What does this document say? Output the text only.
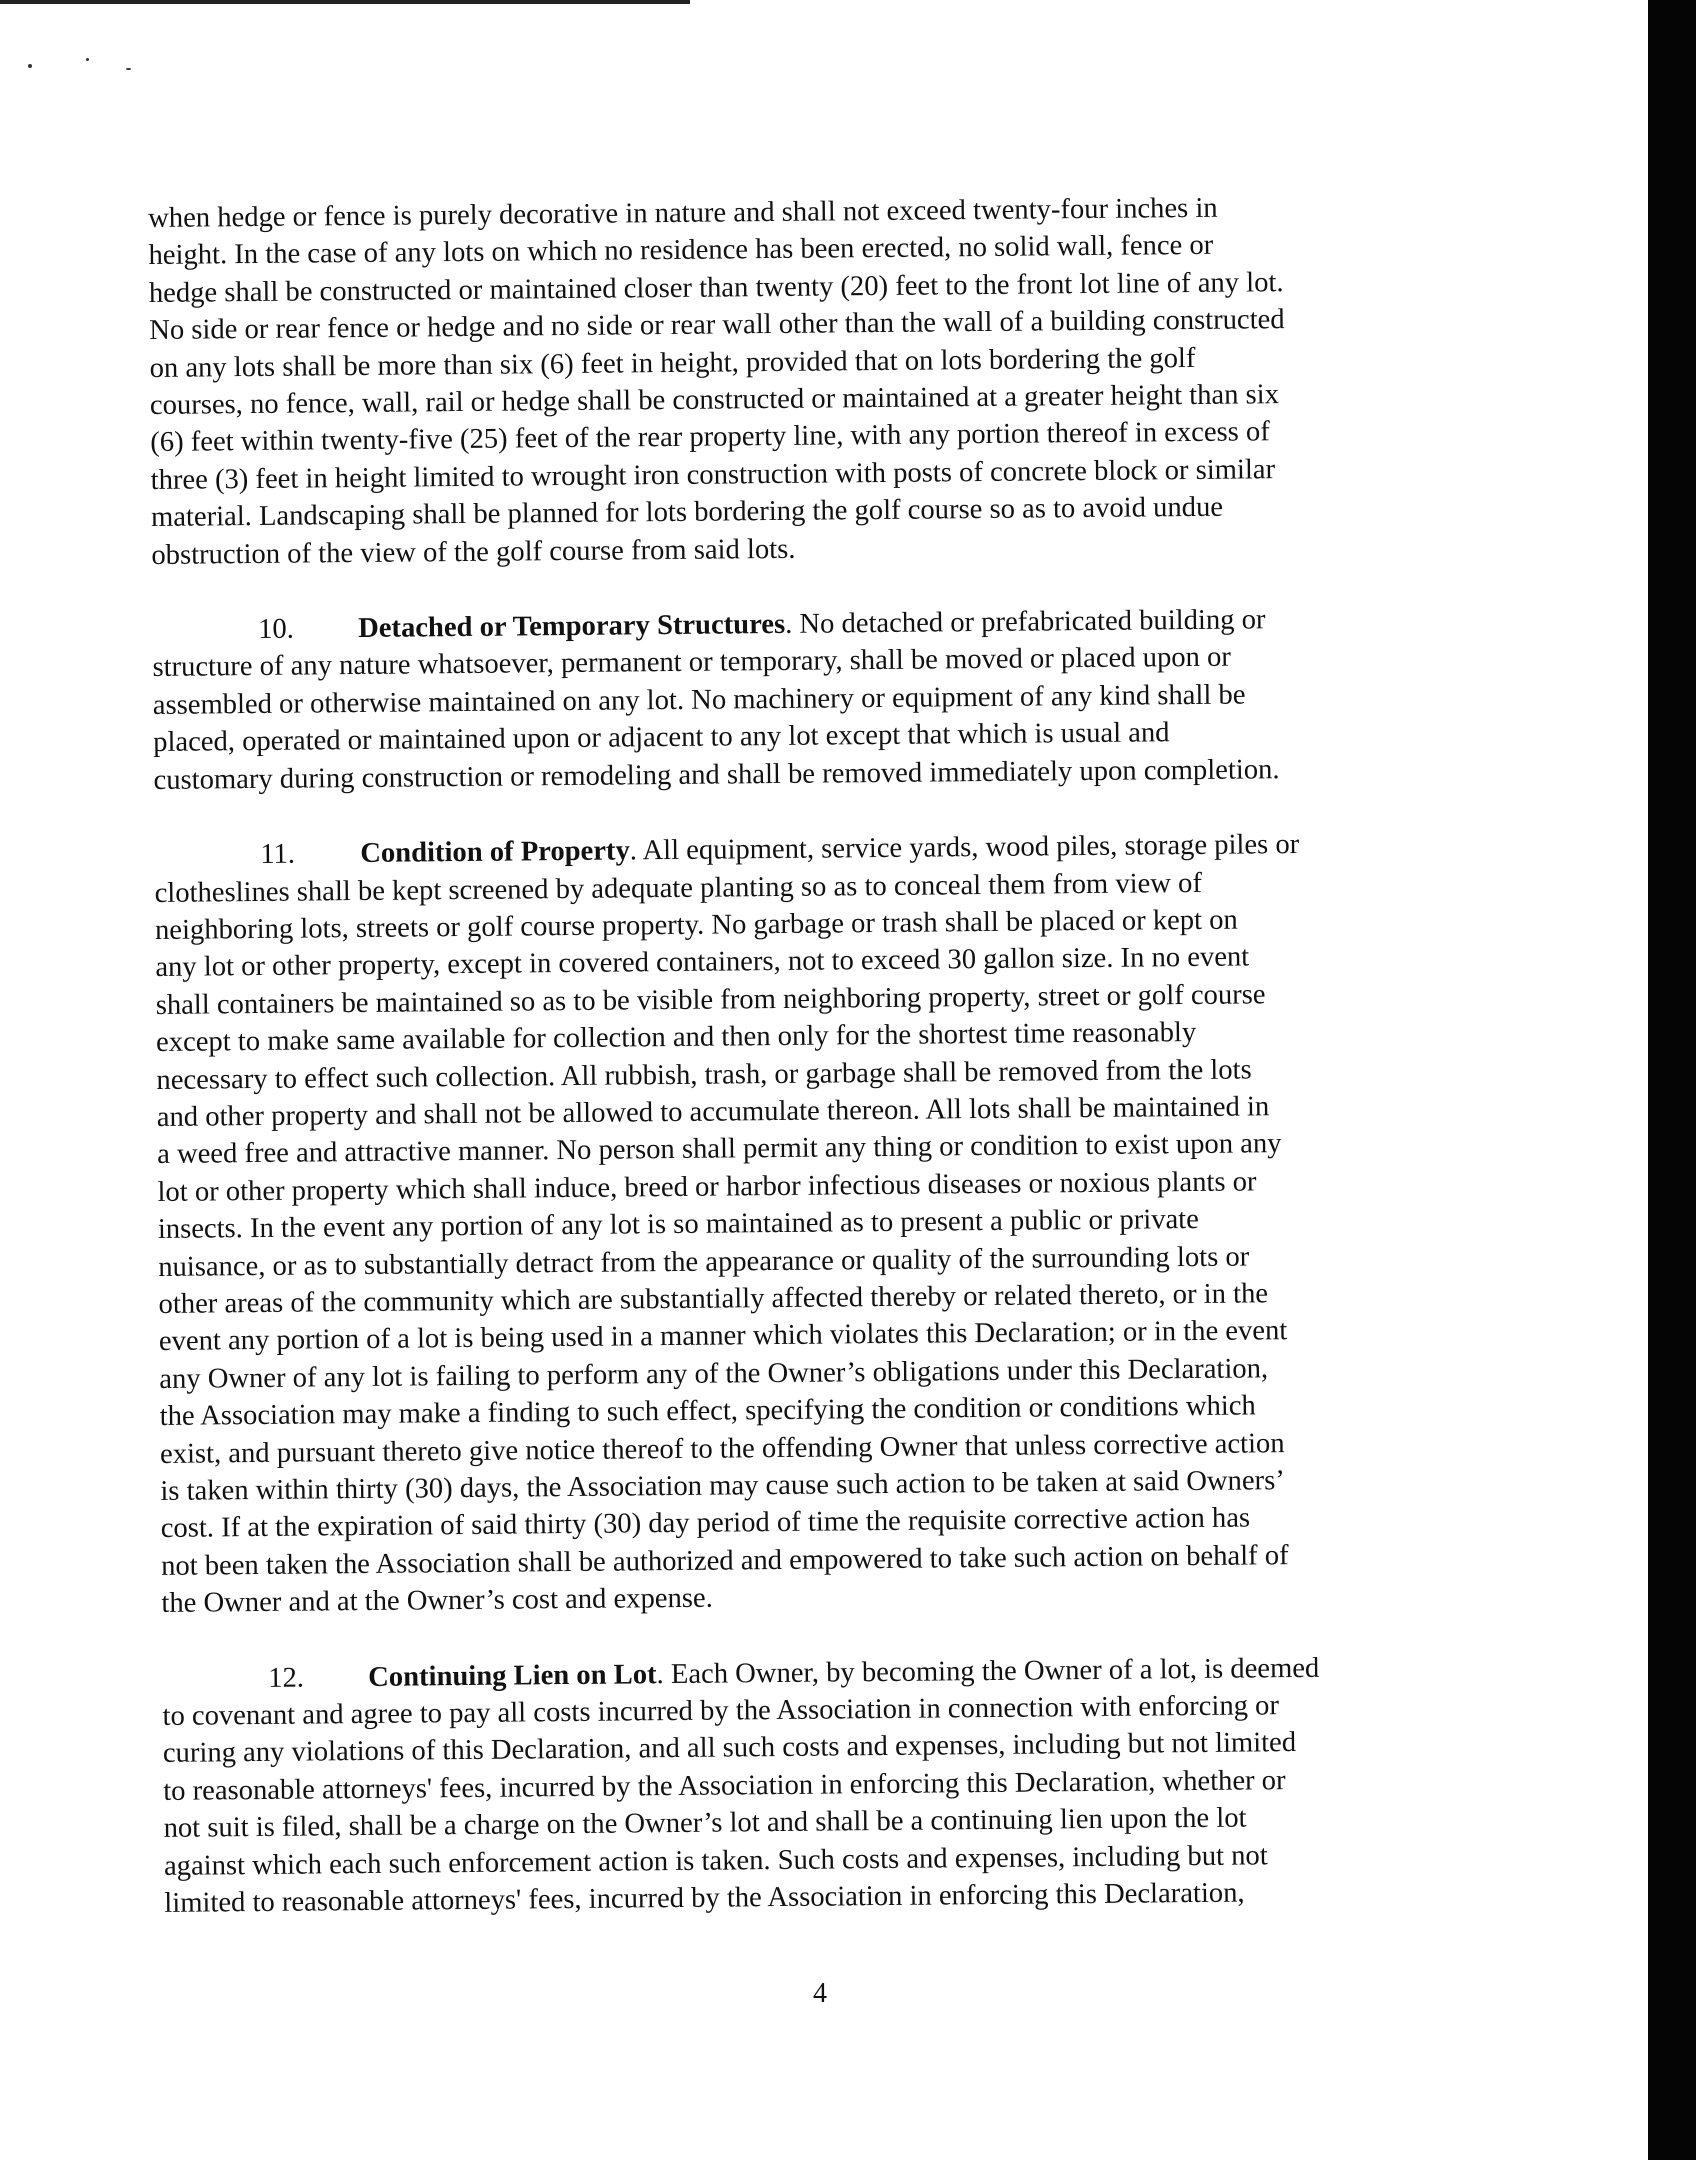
when hedge or fence is purely decorative in nature and shall not exceed twenty-four inches in
height. In the case of any lots on which no residence has been erected, no solid wall, fence or
hedge shall be constructed or maintained closer than twenty (20) feet to the front lot line of any lot.
No side or rear fence or hedge and no side or rear wall other than the wall of a building constructed
on any lots shall be more than six (6) feet in height, provided that on lots bordering the golf
courses, no fence, wall, rail or hedge shall be constructed or maintained at a greater height than six
(6) feet within twenty-five (25) feet of the rear property line, with any portion thereof in excess of
three (3) feet in height limited to wrought iron construction with posts of concrete block or similar
material. Landscaping shall be planned for lots bordering the golf course so as to avoid undue
obstruction of the view of the golf course from said lots.
10. Detached or Temporary Structures. No detached or prefabricated building or
structure of any nature whatsoever, permanent or temporary, shall be moved or placed upon or
assembled or otherwise maintained on any lot. No machinery or equipment of any kind shall be
placed, operated or maintained upon or adjacent to any lot except that which is usual and
customary during construction or remodeling and shall be removed immediately upon completion.
11. Condition of Property. All equipment, service yards, wood piles, storage piles or
clotheslines shall be kept screened by adequate planting so as to conceal them from view of
neighboring lots, streets or golf course property. No garbage or trash shall be placed or kept on
any lot or other property, except in covered containers, not to exceed 30 gallon size. In no event
shall containers be maintained so as to be visible from neighboring property, street or golf course
except to make same available for collection and then only for the shortest time reasonably
necessary to effect such collection. All rubbish, trash, or garbage shall be removed from the lots
and other property and shall not be allowed to accumulate thereon. All lots shall be maintained in
a weed free and attractive manner. No person shall permit any thing or condition to exist upon any
lot or other property which shall induce, breed or harbor infectious diseases or noxious plants or
insects. In the event any portion of any lot is so maintained as to present a public or private
nuisance, or as to substantially detract from the appearance or quality of the surrounding lots or
other areas of the community which are substantially affected thereby or related thereto, or in the
event any portion of a lot is being used in a manner which violates this Declaration; or in the event
any Owner of any lot is failing to perform any of the Owner’s obligations under this Declaration,
the Association may make a finding to such effect, specifying the condition or conditions which
exist, and pursuant thereto give notice thereof to the offending Owner that unless corrective action
is taken within thirty (30) days, the Association may cause such action to be taken at said Owners’
cost. If at the expiration of said thirty (30) day period of time the requisite corrective action has
not been taken the Association shall be authorized and empowered to take such action on behalf of
the Owner and at the Owner’s cost and expense.
12. Continuing Lien on Lot. Each Owner, by becoming the Owner of a lot, is deemed
to covenant and agree to pay all costs incurred by the Association in connection with enforcing or
curing any violations of this Declaration, and all such costs and expenses, including but not limited
to reasonable attorneys' fees, incurred by the Association in enforcing this Declaration, whether or
not suit is filed, shall be a charge on the Owner’s lot and shall be a continuing lien upon the lot
against which each such enforcement action is taken. Such costs and expenses, including but not
limited to reasonable attorneys' fees, incurred by the Association in enforcing this Declaration,
4
